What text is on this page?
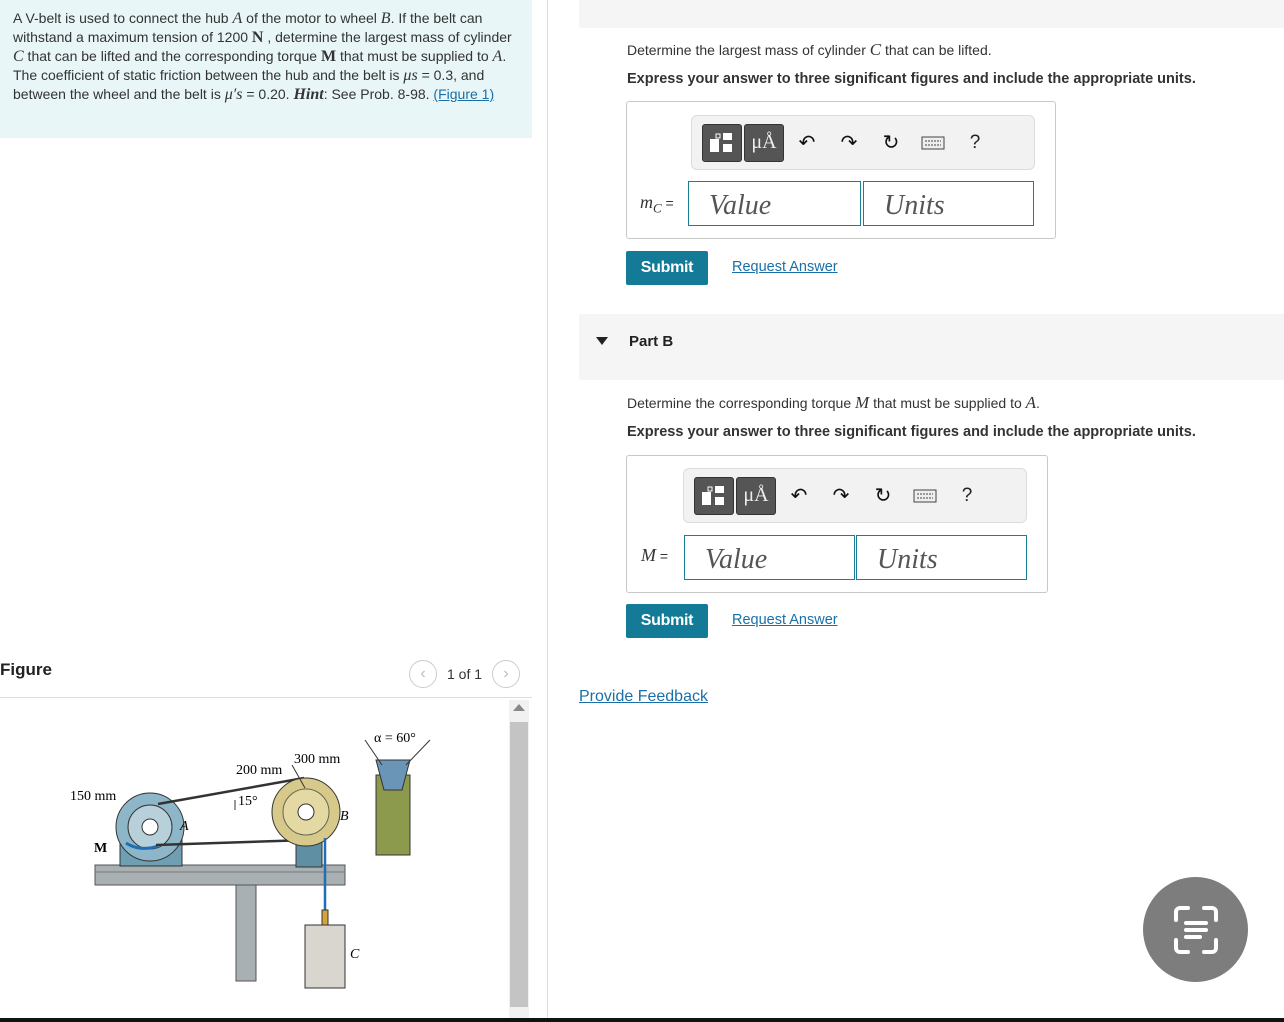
A V-belt is used to connect the hub A of the motor to wheel B. If the belt can withstand a maximum tension of 1200 N , determine the largest mass of cylinder C that can be lifted and the corresponding torque M that must be supplied to A. The coefficient of static friction between the hub and the belt is μs = 0.3, and between the wheel and the belt is μ′s = 0.20. Hint: See Prob. 8-98. (Figure 1)
Figure	‹ 1 of 1 ›
α = 60°
300 mm
200 mm
150 mm	15°
A
B
C
M
Determine the largest mass of cylinder C that can be lifted.
Express your answer to three significant figures and include the appropriate units.
μÅ ↶ ↷ ↻	?
$m_C$ =
Value
Units
Submit	Request Answer
Part B
Determine the corresponding torque M that must be supplied to A.
Express your answer to three significant figures and include the appropriate units.
μÅ ↶ ↷ ↻	?
M =
Value
Units
Submit	Request Answer
Provide Feedback
